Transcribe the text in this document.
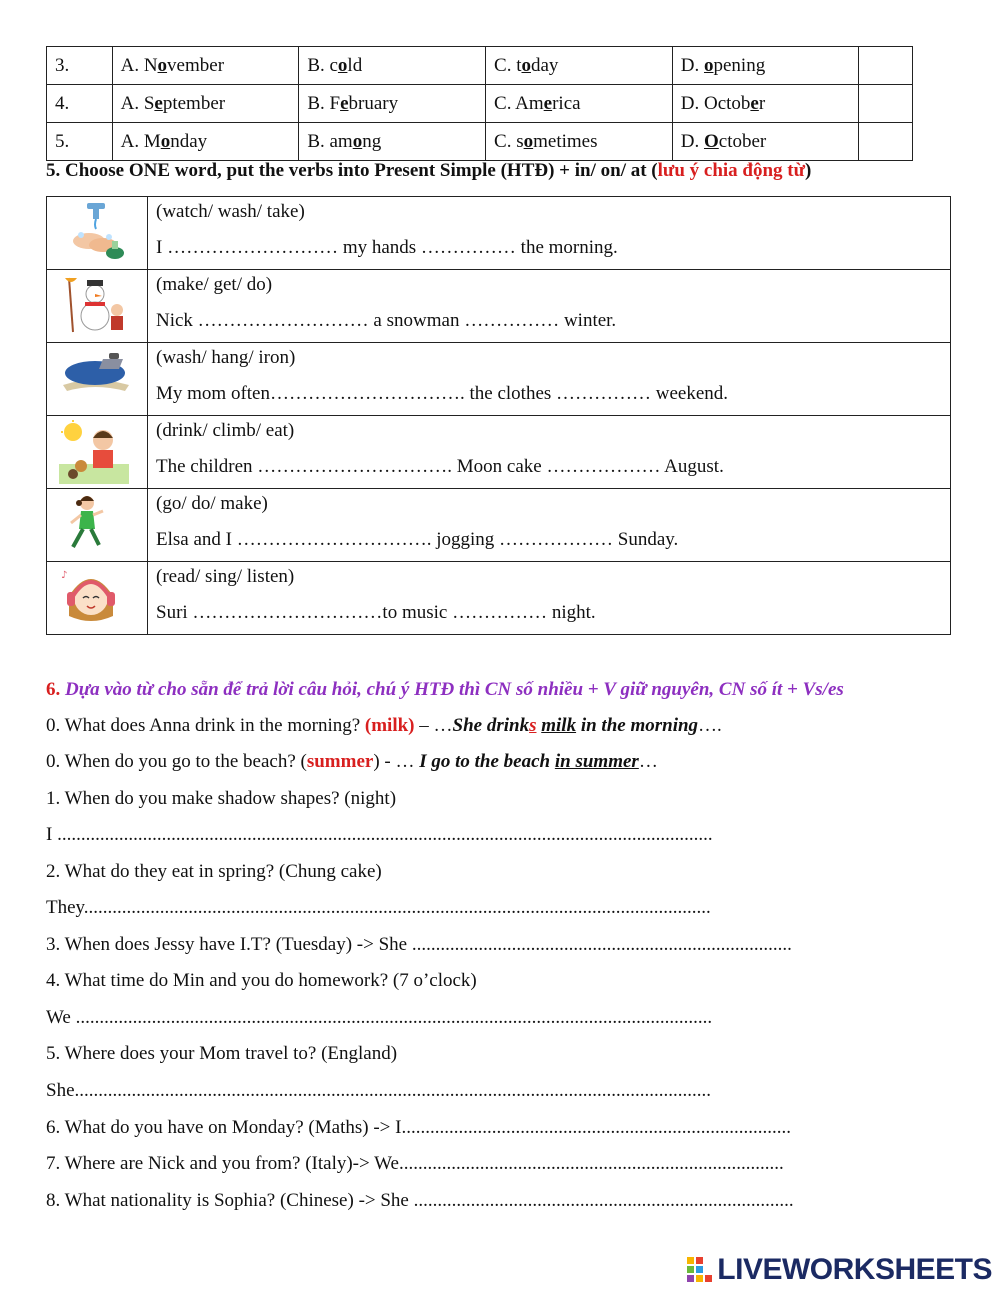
3.	A. November	B. cold	C. today	D. opening	
4.	A. September	B. February	C. America	D. October	
5.	A. Monday	B. among	C. sometimes	D. October	
5. Choose ONE word, put the verbs into Present Simple (HTĐ) + in/ on/ at (lưu ý chia động từ)

(watch/ wash/ take)
I ……………………… my hands …………… the morning.

(make/ get/ do)
Nick ……………………… a snowman …………… winter.

(wash/ hang/ iron)
My mom often…………………………. the clothes …………… weekend.

(drink/ climb/ eat)
The children …………………………. Moon cake ……………… August.

(go/ do/ make)
Elsa and I …………………………. jogging ……………… Sunday.

♪	(read/ sing/ listen)
Suri …………………………to music …………… night.
6. Dựa vào từ cho sẵn để trả lời câu hỏi, chú ý HTĐ thì CN số nhiều + V giữ nguyên, CN số ít + Vs/es
0. What does Anna drink in the morning? (milk) – …She drinks milk in the morning….
0. When do you go to the beach? (summer) - … I go to the beach in summer…
1. When do you make shadow shapes? (night)
I ..........................................................................................................................................
2. What do they eat in spring? (Chung cake)
They....................................................................................................................................
3. When does Jessy have I.T? (Tuesday) -> She ................................................................................
4. What time do Min and you do homework? (7 o’clock)
We ......................................................................................................................................
5. Where does your Mom travel to? (England)
She......................................................................................................................................
6. What do you have on Monday? (Maths) -> I..................................................................................
7. Where are Nick and you from? (Italy)-> We.................................................................................
8. What nationality is Sophia? (Chinese) -> She ................................................................................
LIVEWORKSHEETS
